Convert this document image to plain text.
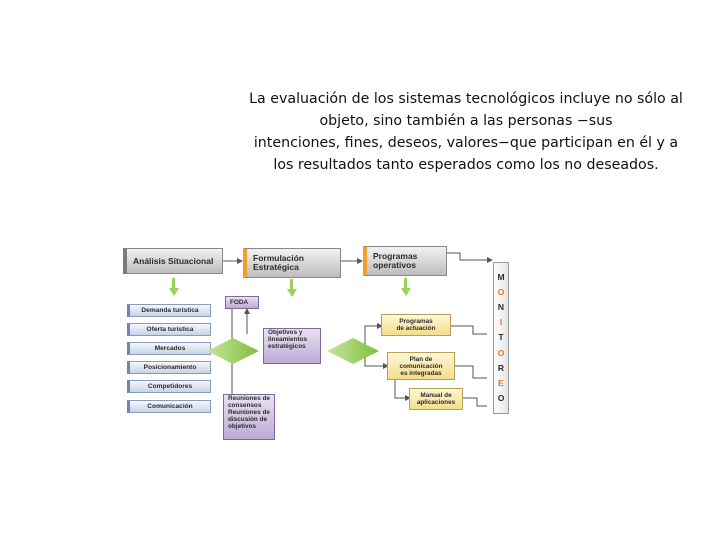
La evaluación de los sistemas tecnológicos incluye no sólo al
objeto, sino también a las personas −sus
intenciones, fines, deseos, valores−que participan en él y a
los resultados tanto esperados como los no deseados.
Análisis Situacional	Formulación
Estratégica
Programas
operativos
Demanda turística
Oferta turística
Mercados
Posicionamiento
Competidores
Comunicación
FODA
Objetivos y
lineamientos
estratégicos
Reuniones de
consensos
Reuniones de
discusión de
objetivos
Programas
de actuación
Plan de
comunicación
es integradas
Manual de
aplicaciones
M
O
N
I
T
O
R
E
O
